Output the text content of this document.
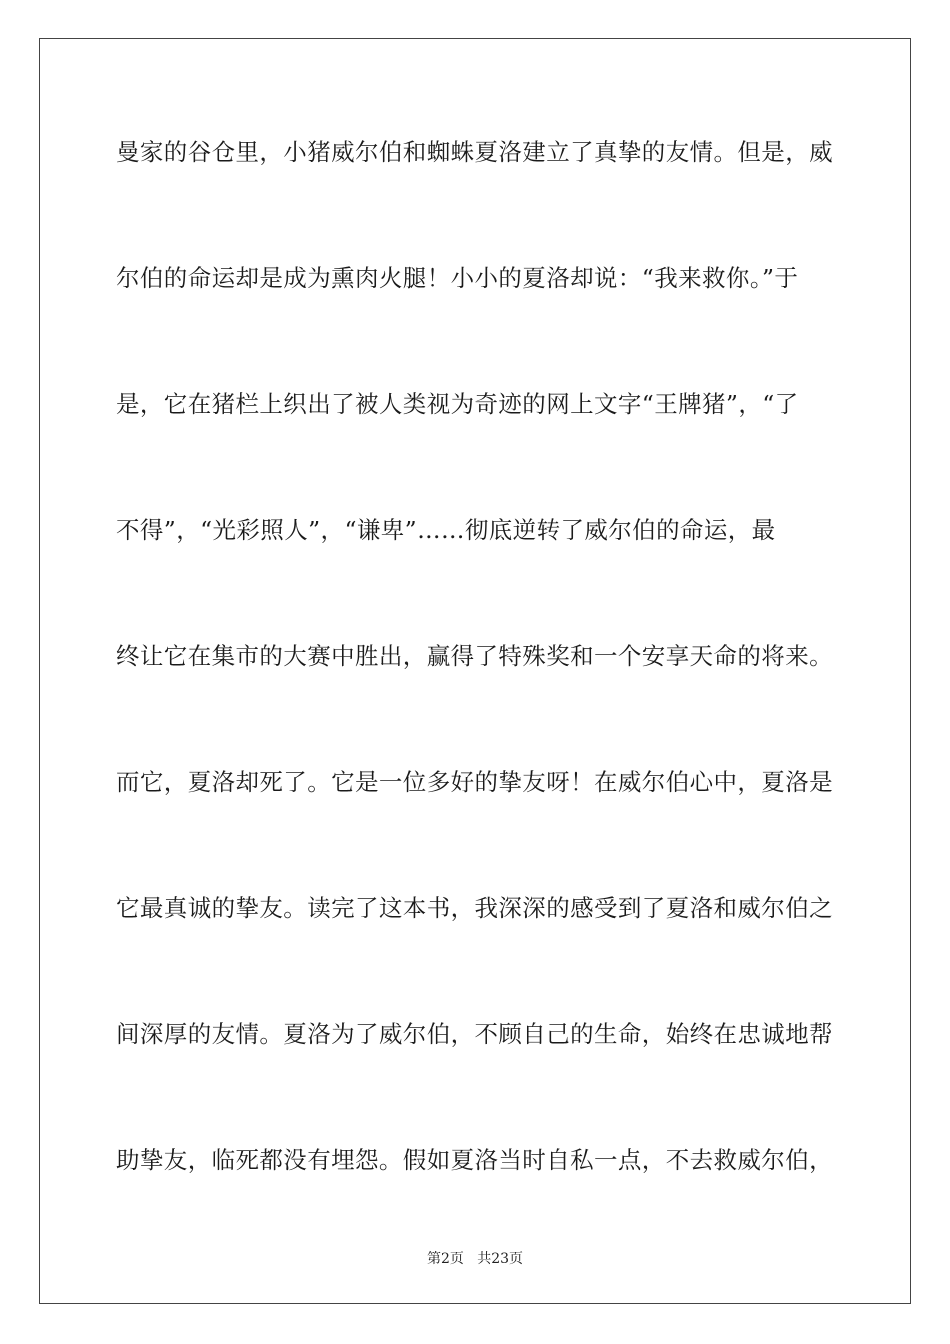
曼家的谷仓里，小猪威尔伯和蜘蛛夏洛建立了真挚的友情。但是，威
尔伯的命运却是成为熏肉火腿！小小的夏洛却说：“我来救你。”于
是，它在猪栏上织出了被人类视为奇迹的网上文字“王牌猪”，“了
不得”，“光彩照人”，“谦卑”……彻底逆转了威尔伯的命运，最
终让它在集市的大赛中胜出，赢得了特殊奖和一个安享天命的将来。
而它，夏洛却死了。它是一位多好的挚友呀！在威尔伯心中，夏洛是
它最真诚的挚友。读完了这本书，我深深的感受到了夏洛和威尔伯之
间深厚的友情。夏洛为了威尔伯，不顾自己的生命，始终在忠诚地帮
助挚友，临死都没有埋怨。假如夏洛当时自私一点，不去救威尔伯，
第2页   共23页
